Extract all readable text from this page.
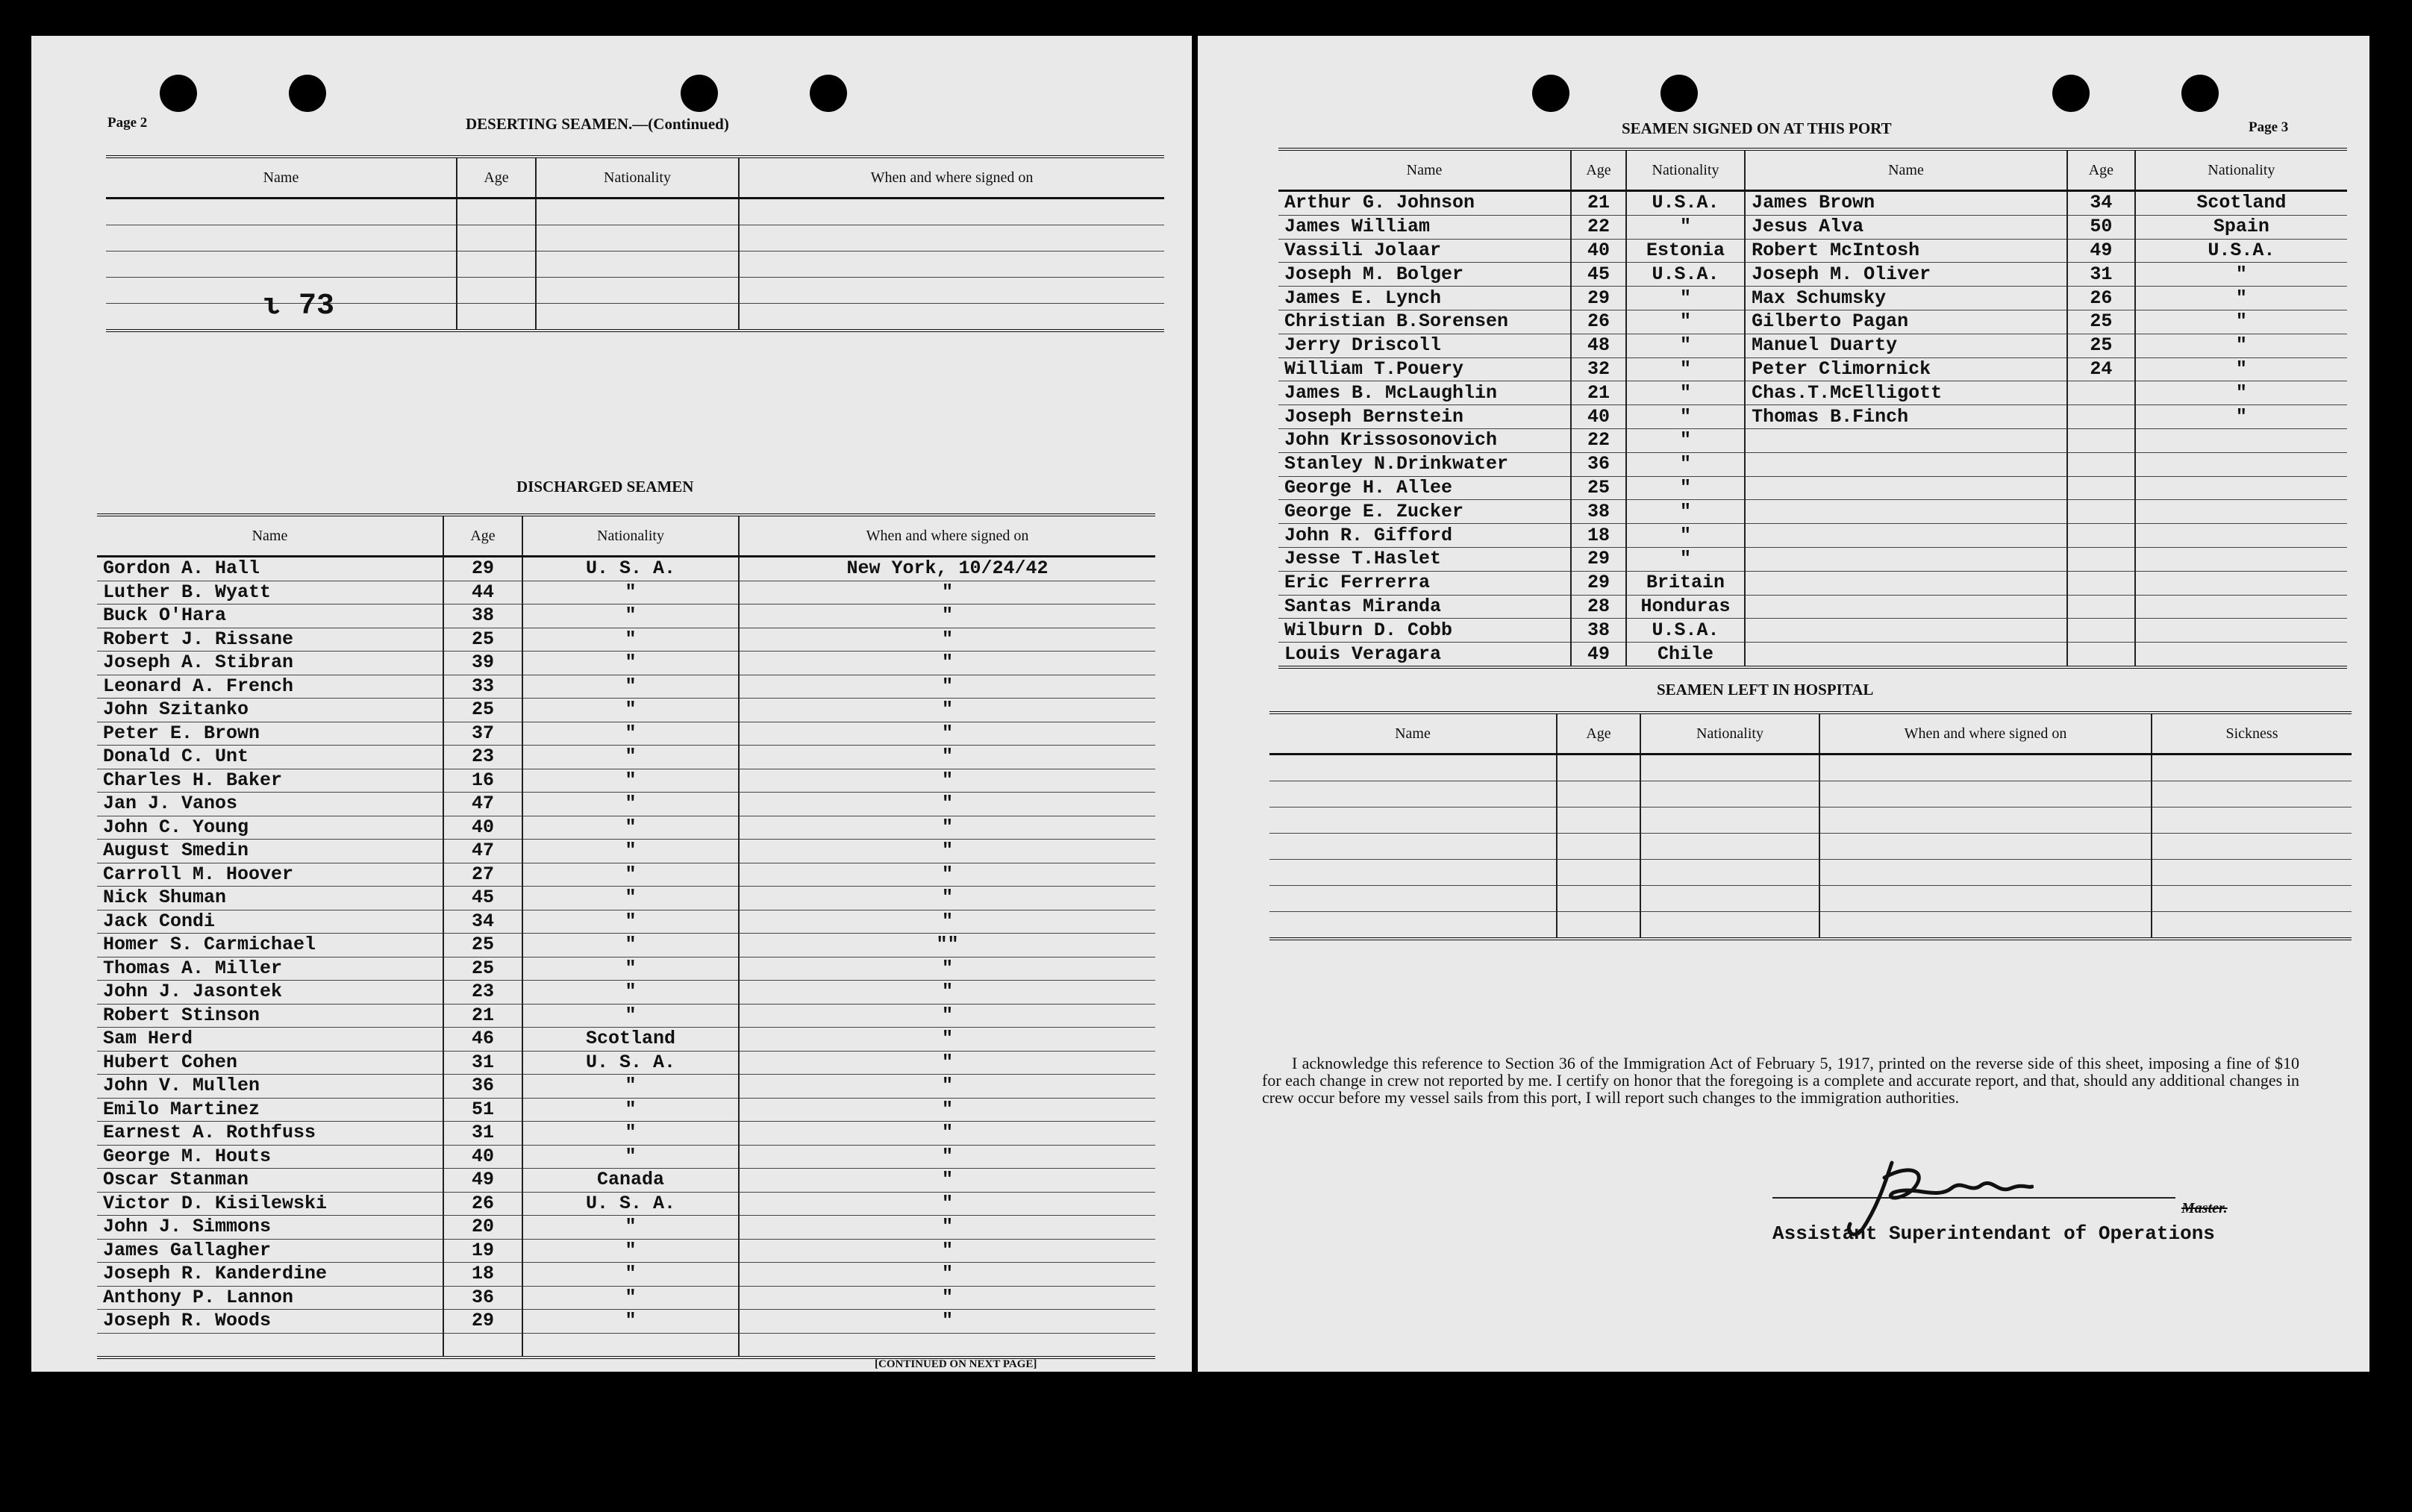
Page 2	DESERTING SEAMEN.—(Continued)
Name	Age	Nationality	When and where signed on

ι 73
DISCHARGED SEAMEN
Name	Age	Nationality	When and where signed on
Gordon A. Hall	29	U. S. A.	New York, 10/24/42
Luther B. Wyatt	44	"	"
Buck O'Hara	38	"	"
Robert J. Rissane	25	"	"
Joseph A. Stibran	39	"	"
Leonard A. French	33	"	"
John Szitanko	25	"	"
Peter E. Brown	37	"	"
Donald C. Unt	23	"	"
Charles H. Baker	16	"	"
Jan J. Vanos	47	"	"
John C. Young	40	"	"
August Smedin	47	"	"
Carroll M. Hoover	27	"	"
Nick Shuman	45	"	"
Jack Condi	34	"	"
Homer S. Carmichael	25	"	""
Thomas A. Miller	25	"	"
John J. Jasontek	23	"	"
Robert Stinson	21	"	"
Sam Herd	46	Scotland	"
Hubert Cohen	31	U. S. A.	"
John V. Mullen	36	"	"
Emilo Martinez	51	"	"
Earnest A. Rothfuss	31	"	"
George M. Houts	40	"	"
Oscar Stanman	49	Canada	"
Victor D. Kisilewski	26	U. S. A.	"
John J. Simmons	20	"	"
James Gallagher	19	"	"
Joseph R. Kanderdine	18	"	"
Anthony P. Lannon	36	"	"
Joseph R. Woods	29	"	"

[CONTINUED ON NEXT PAGE]
SEAMEN SIGNED ON AT THIS PORT	Page 3
Name	Age	Nationality	Name	Age	Nationality
Arthur G. Johnson	21	U.S.A.	James Brown	34	Scotland
James William	22	"	Jesus Alva	50	Spain
Vassili Jolaar	40	Estonia	Robert McIntosh	49	U.S.A.
Joseph M. Bolger	45	U.S.A.	Joseph M. Oliver	31	"
James E. Lynch	29	"	Max Schumsky	26	"
Christian B.Sorensen	26	"	Gilberto Pagan	25	"
Jerry Driscoll	48	"	Manuel Duarty	25	"
William T.Pouery	32	"	Peter Climornick	24	"
James B. McLaughlin	21	"	Chas.T.McElligott		"
Joseph Bernstein	40	"	Thomas B.Finch		"
John Krissosonovich	22	"			
Stanley N.Drinkwater	36	"			
George H. Allee	25	"			
George E. Zucker	38	"			
John R. Gifford	18	"			
Jesse T.Haslet	29	"			
Eric Ferrerra	29	Britain			
Santas Miranda	28	Honduras			
Wilburn D. Cobb	38	U.S.A.			
Louis Veragara	49	Chile			
SEAMEN LEFT IN HOSPITAL
Name	Age	Nationality	When and where signed on	Sickness

I acknowledge this reference to Section 36 of the Immigration Act of February 5, 1917, printed on the reverse side of this sheet, imposing a fine of $10 for each change in crew not reported by me. I certify on honor that the foregoing is a complete and accurate report, and that, should any additional changes in crew occur before my vessel sails from this port, I will report such changes to the immigration authorities.
Master.
Assistant Superintendant of Operations
